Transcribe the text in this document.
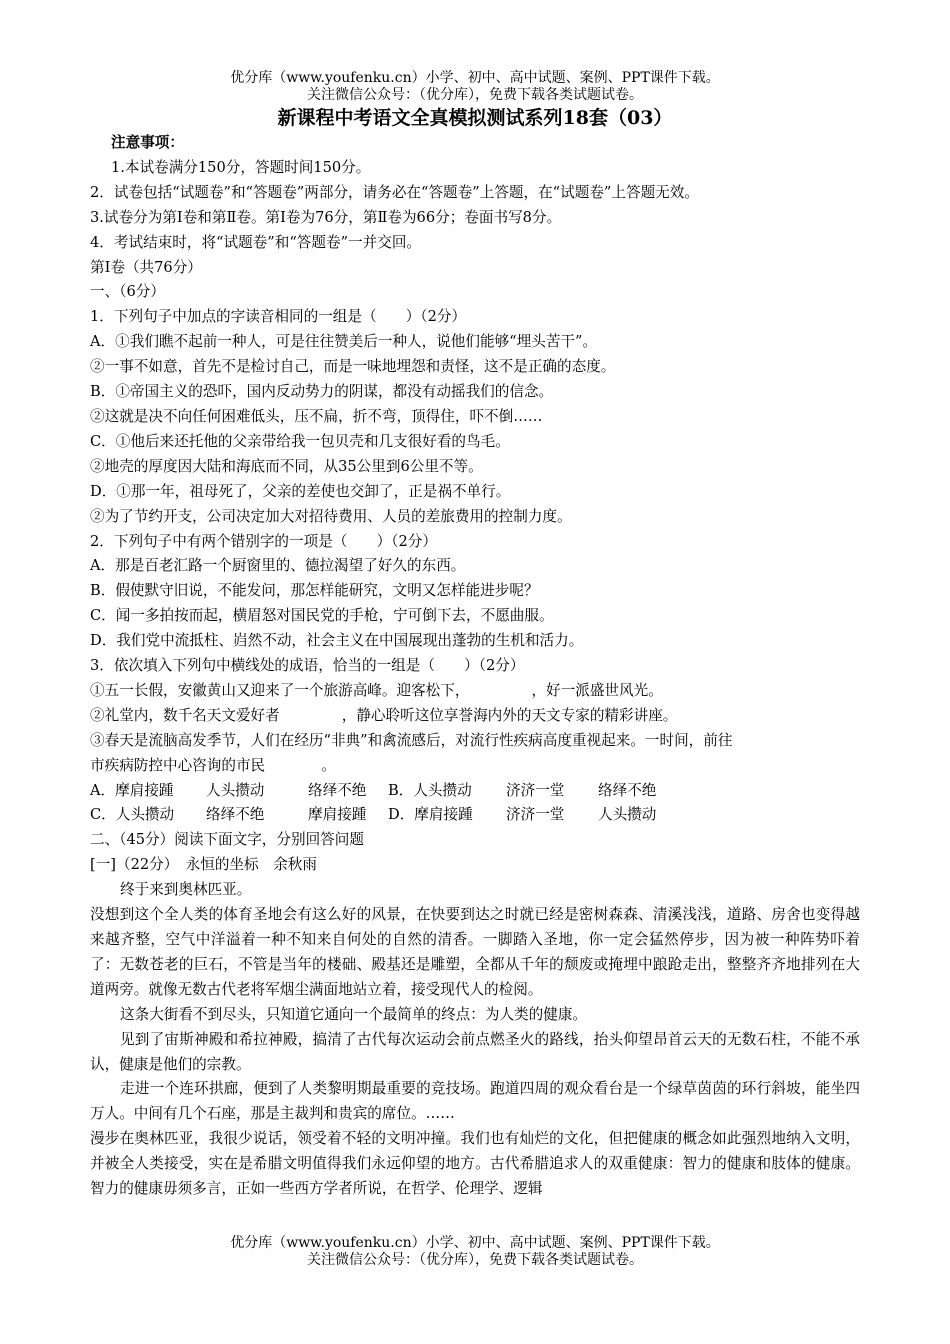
优分库（www.youfenku.cn）小学、初中、高中试题、案例、PPT课件下载。
关注微信公众号：（优分库），免费下载各类试题试卷。
新课程中考语文全真模拟测试系列18套（03）

注意事项：

1.本试卷满分150分，答题时间150分。

2．试卷包括“试题卷”和“答题卷”两部分，请务必在“答题卷”上答题，在“试题卷”上答题无效。

3.试卷分为第Ⅰ卷和第Ⅱ卷。第Ⅰ卷为76分，第Ⅱ卷为66分；卷面书写8分。

4．考试结束时，将“试题卷”和“答题卷”一并交回。

第Ⅰ卷（共76分）

一、（6分）

1．下列句子中加点的字读音相同的一组是（　　）（2分）

A．①我们瞧不起前一种人，可是往往赞美后一种人，说他们能够“埋头苦干”。

②一事不如意，首先不是检讨自己，而是一味地埋怨和责怪，这不是正确的态度。

B．①帝国主义的恐吓，国内反动势力的阴谋，都没有动摇我们的信念。

②这就是决不向任何困难低头，压不扁，折不弯，顶得住，吓不倒……

C．①他后来还托他的父亲带给我一包贝壳和几支很好看的鸟毛。

②地壳的厚度因大陆和海底而不同，从35公里到6公里不等。

D．①那一年，祖母死了，父亲的差使也交卸了，正是祸不单行。

②为了节约开支，公司决定加大对招待费用、人员的差旅费用的控制力度。

2．下列句子中有两个错别字的一项是（　　）（2分）

A．那是百老汇路一个厨窗里的、德拉渴望了好久的东西。

B．假使默守旧说，不能发问，那怎样能研究，文明又怎样能进步呢？

C．闻一多拍按而起，横眉怒对国民党的手枪，宁可倒下去，不愿曲服。

D．我们党中流抵柱、岿然不动，社会主义在中国展现出蓬勃的生机和活力。

3．依次填入下列句中横线处的成语，恰当的一组是（　　）（2分）

①五一长假，安徽黄山又迎来了一个旅游高峰。迎客松下，	，好一派盛世风光。

②礼堂内，数千名天文爱好者	，静心聆听这位享誉海内外的天文专家的精彩讲座。

③春天是流脑高发季节，人们在经历“非典”和禽流感后，对流行性疾病高度重视起来。一时间，前往

市疾病防控中心咨询的市民	。

A．摩肩接踵 人头攒动	络绎不绝 B．人头攒动 济济一堂 络绎不绝

C．人头攒动 络绎不绝	摩肩接踵 D．摩肩接踵 济济一堂 人头攒动

二、（45分）阅读下面文字，分别回答问题

[一]（22分）　永恒的坐标　余秋雨

终于来到奥林匹亚。

没想到这个全人类的体育圣地会有这么好的风景，在快要到达之时就已经是密树森森、清溪浅浅，道路、房舍也变得越来越齐整，空气中洋溢着一种不知来自何处的自然的清香。一脚踏入圣地，你一定会猛然停步，因为被一种阵势吓着了：无数苍老的巨石，不管是当年的楼础、殿基还是雕塑，全都从千年的颓废或掩埋中踉跄走出，整整齐齐地排列在大道两旁。就像无数古代老将军烟尘满面地站立着，接受现代人的检阅。

这条大街看不到尽头，只知道它通向一个最简单的终点：为人类的健康。

见到了宙斯神殿和希拉神殿，搞清了古代每次运动会前点燃圣火的路线，抬头仰望昂首云天的无数石柱，不能不承认，健康是他们的宗教。

走进一个连环拱廊，便到了人类黎明期最重要的竞技场。跑道四周的观众看台是一个绿草茵茵的环行斜坡，能坐四万人。中间有几个石座，那是主裁判和贵宾的席位。……

漫步在奥林匹亚，我很少说话，领受着不轻的文明冲撞。我们也有灿烂的文化，但把健康的概念如此强烈地纳入文明，并被全人类接受，实在是希腊文明值得我们永远仰望的地方。古代希腊追求人的双重健康：智力的健康和肢体的健康。智力的健康毋须多言，正如一些西方学者所说，在哲学、伦理学、逻辑

优分库（www.youfenku.cn）小学、初中、高中试题、案例、PPT课件下载。
关注微信公众号：（优分库），免费下载各类试题试卷。
